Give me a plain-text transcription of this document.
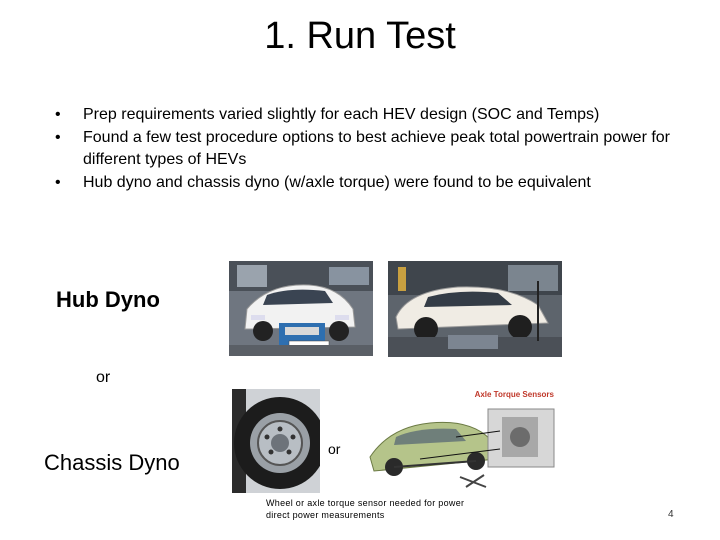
1. Run Test
• Prep requirements varied slightly for each HEV design (SOC and Temps)
• Found a few test procedure options to best achieve peak total powertrain power for different types of HEVs
• Hub dyno and chassis dyno (w/axle torque) were found to be equivalent
Hub Dyno
or
Chassis Dyno
or
Axle Torque Sensors
Wheel or axle torque sensor needed for power direct power measurements	4
